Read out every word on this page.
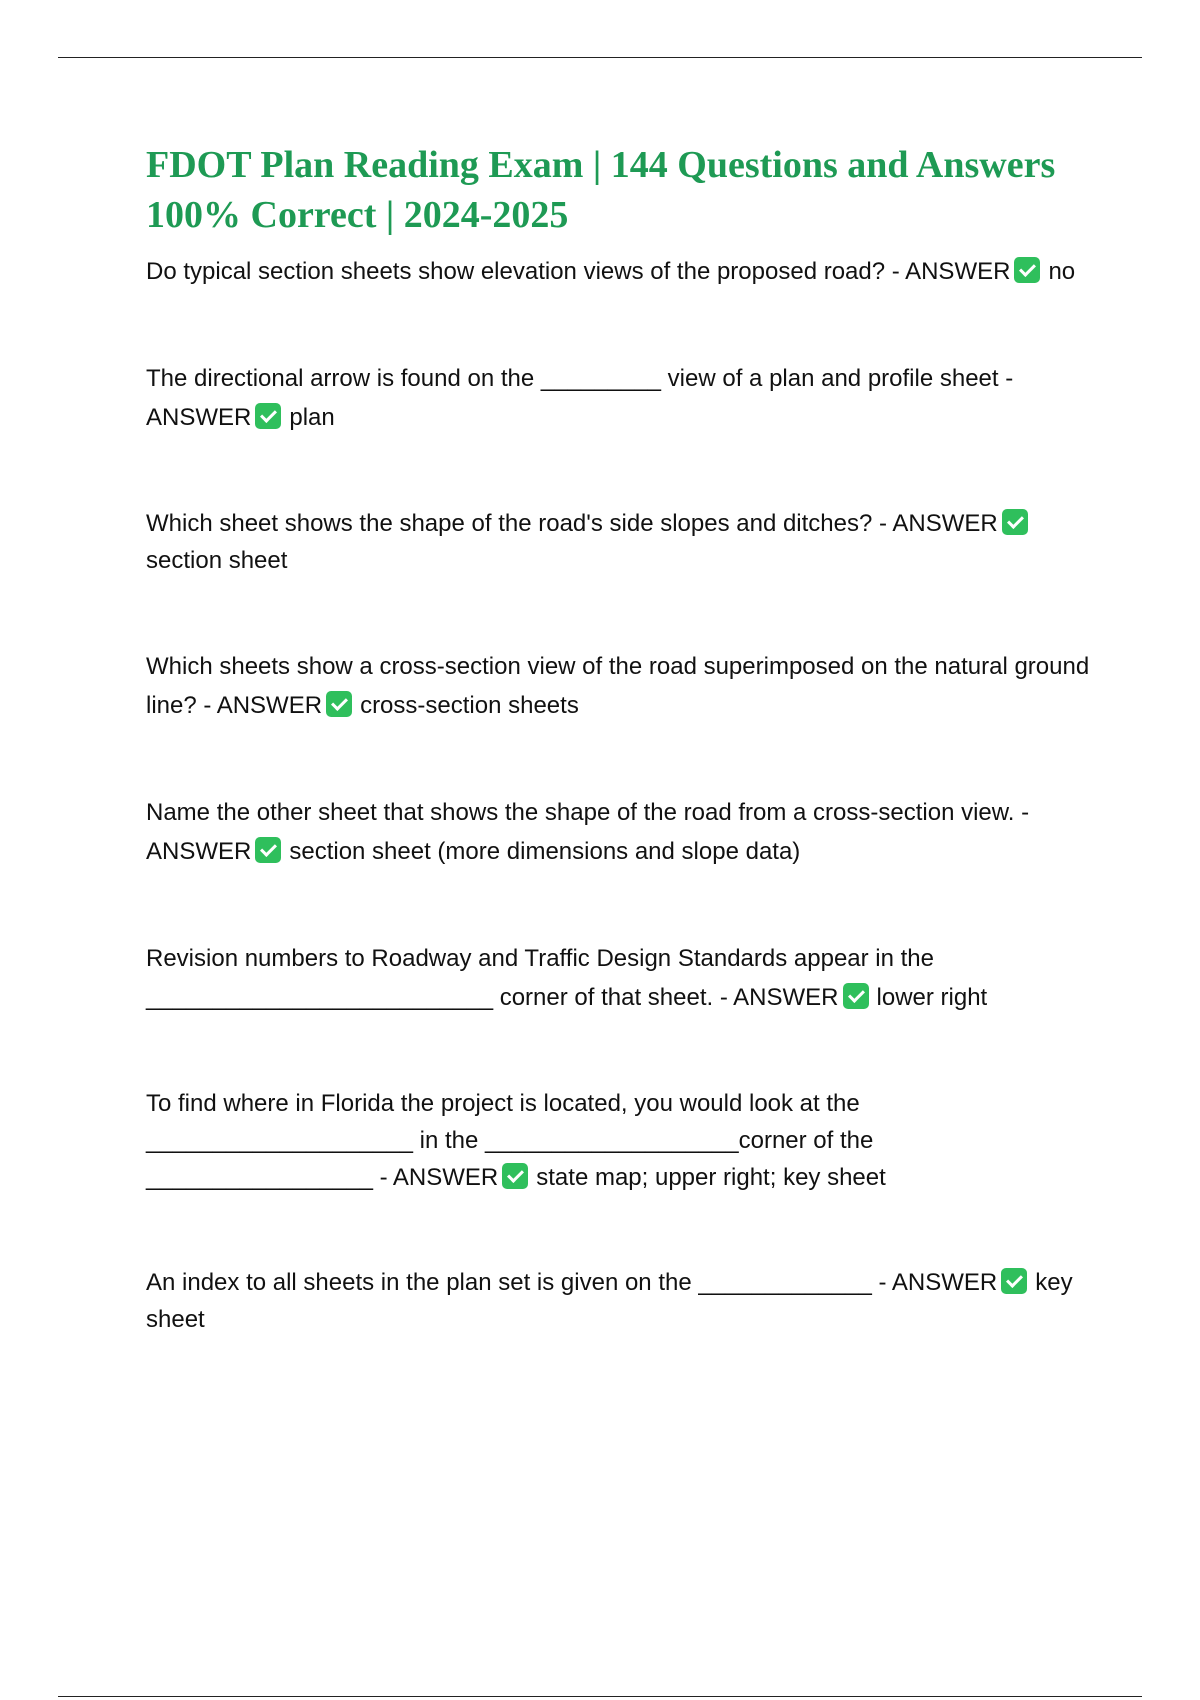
FDOT Plan Reading Exam | 144 Questions and Answers 100% Correct | 2024-2025

Do typical section sheets show elevation views of the proposed road? - ANSWER no

The directional arrow is found on the _________ view of a plan and profile sheet - ANSWER plan

Which sheet shows the shape of the road's side slopes and ditches? - ANSWERsection sheet

Which sheets show a cross-section view of the road superimposed on the natural ground line? - ANSWER cross-section sheets

Name the other sheet that shows the shape of the road from a cross-section view. - ANSWER section sheet (more dimensions and slope data)

Revision numbers to Roadway and Traffic Design Standards appear in the __________________________ corner of that sheet. - ANSWER lower right

To find where in Florida the project is located, you would look at the ____________________ in the ___________________corner of the _________________ - ANSWER state map; upper right; key sheet

An index to all sheets in the plan set is given on the _____________ - ANSWER key sheet
